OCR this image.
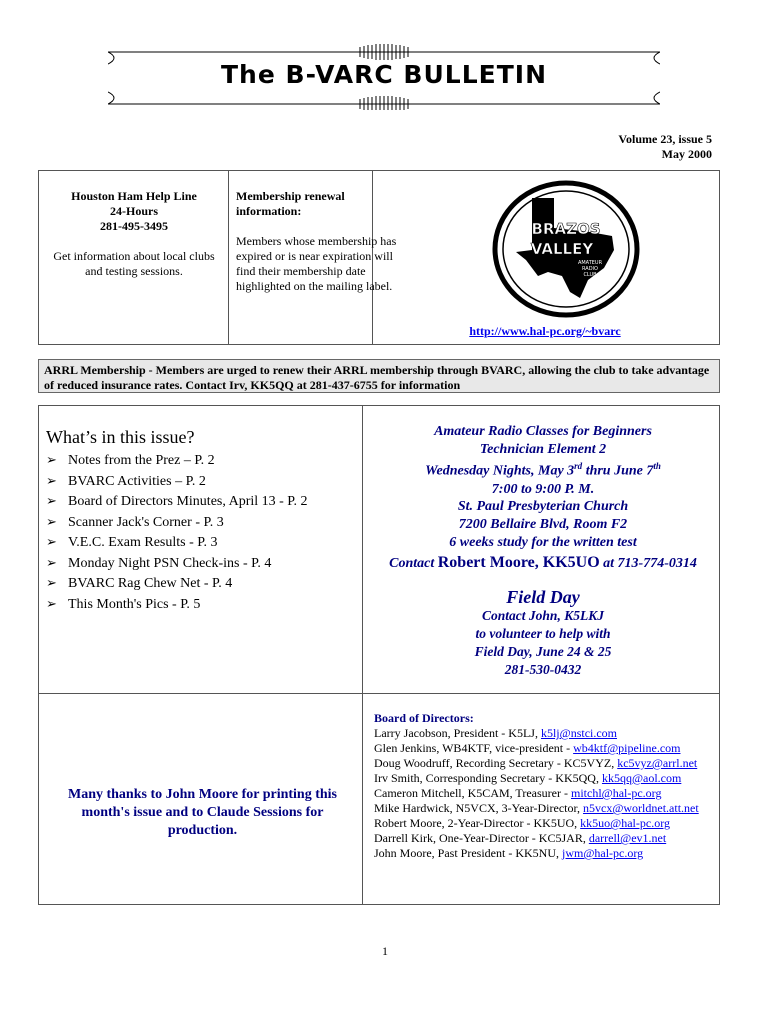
The B-VARC BULLETIN
Volume 23, issue 5
May 2000
Houston Ham Help Line
24-Hours
281-495-3495
Get information about local clubs and testing sessions.
Membership renewal information:
Members whose membership has expired or is near expiration will find their membership date highlighted on the mailing label.
BRAZOS
VALLEY
AMATEUR
RADIO
CLUB
http://www.hal-pc.org/~bvarc
ARRL Membership - Members are urged to renew their ARRL membership through BVARC, allowing the club to take advantage of reduced insurance rates. Contact Irv, KK5QQ at 281-437-6755 for information
What’s in this issue?
➢ Notes from the Prez – P. 2
➢ BVARC Activities – P. 2
➢ Board of Directors Minutes, April 13 - P. 2
➢ Scanner Jack's Corner - P. 3
➢ V.E.C. Exam Results - P. 3
➢ Monday Night PSN Check-ins - P. 4
➢ BVARC Rag Chew Net - P. 4
➢ This Month's Pics - P. 5
Amateur Radio Classes for Beginners
Technician Element 2
Wednesday Nights, May 3rd thru June 7th
7:00 to 9:00 P. M.
St. Paul Presbyterian Church
7200 Bellaire Blvd, Room F2
6 weeks study for the written test
Contact Robert Moore, KK5UO at 713-774-0314
Field Day
Contact John, K5LKJ
to volunteer to help with
Field Day, June 24 & 25
281-530-0432
Many thanks to John Moore for printing this month's issue and to Claude Sessions for production.
Board of Directors:
Larry Jacobson, President - K5LJ, k5lj@nstci.com
Glen Jenkins, WB4KTF, vice-president - wb4ktf@pipeline.com
Doug Woodruff, Recording Secretary - KC5VYZ, kc5vyz@arrl.net
Irv Smith, Corresponding Secretary - KK5QQ, kk5qq@aol.com
Cameron Mitchell, K5CAM, Treasurer - mitchl@hal-pc.org
Mike Hardwick, N5VCX, 3-Year-Director, n5vcx@worldnet.att.net
Robert Moore, 2-Year-Director - KK5UO, kk5uo@hal-pc.org
Darrell Kirk, One-Year-Director - KC5JAR, darrell@ev1.net
John Moore, Past President - KK5NU, jwm@hal-pc.org
1
